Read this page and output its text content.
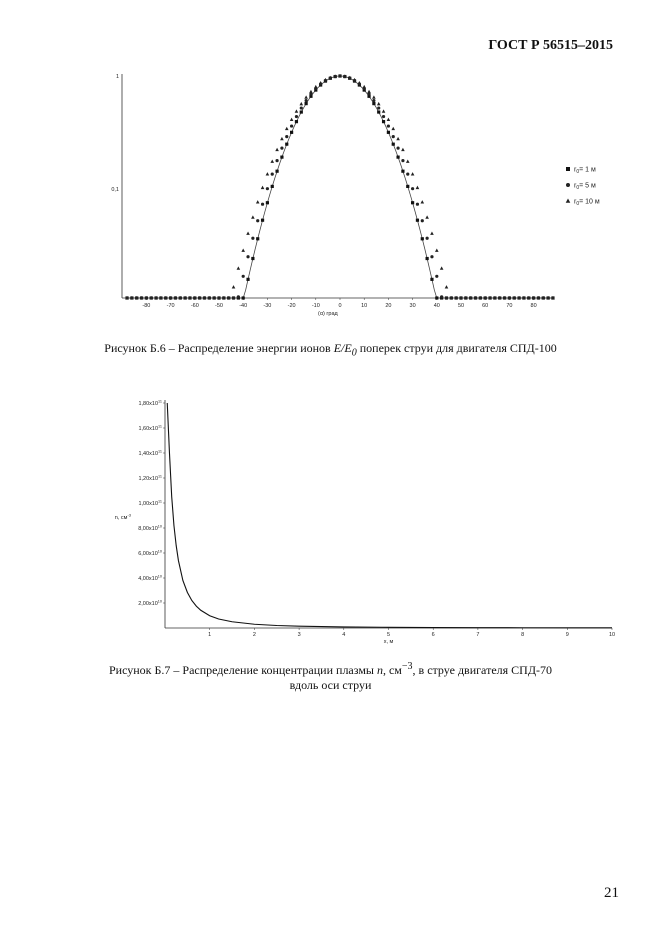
ГОСТ Р 56515–2015
1
0,1
-80	-70	-60	-50	-40	-30	-20	-10	0	10	20	30	40	50	60	70	80
(α) град
$r_0= 1$ м
$r_0= 5$ м
$r_0= 10$ м
Рисунок Б.6 – Распределение энергии ионов $E/E_0$ поперек струи для двигателя СПД-100
$2,00x10^{10}$
$4,00x10^{10}$
$6,00x10^{10}$
$8,00x10^{10}$
$1,00x10^{11}$
$1,20x10^{11}$
$1,40x10^{11}$
$1,60x10^{11}$
$1,80x10^{11}$
1	2	3	4	5	6	7	8	9	10
x, м
n, $см^{-3}$
Рисунок Б.7 – Распределение концентрации плазмы n, $см^{-3}$, в струе двигателя СПД-70
вдоль оси струи
21
